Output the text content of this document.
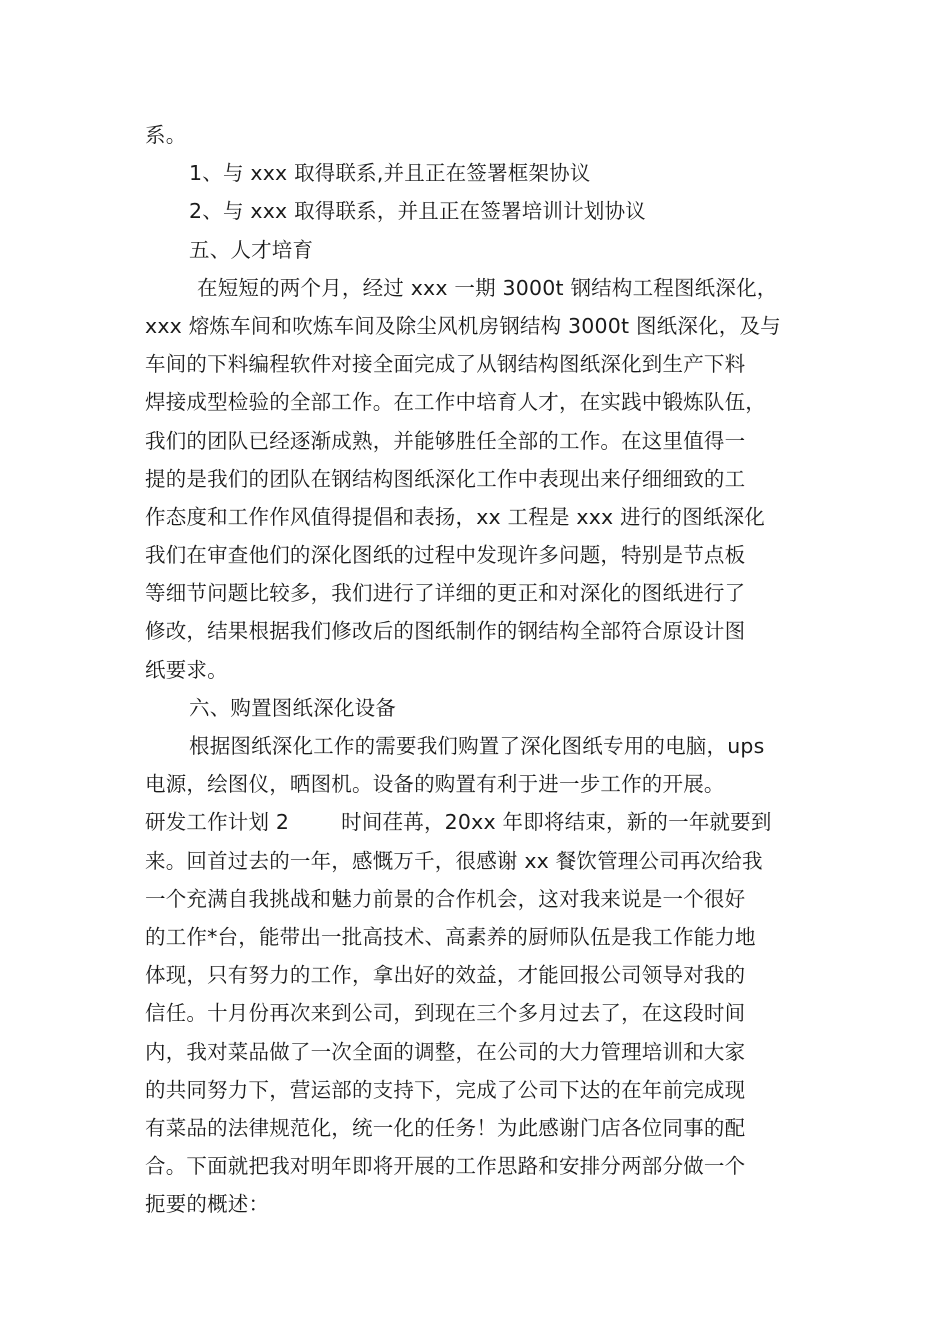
系。
1、与 xxx 取得联系,并且正在签署框架协议
2、与 xxx 取得联系，并且正在签署培训计划协议
五、人才培育
在短短的两个月，经过 xxx 一期 3000t 钢结构工程图纸深化，
xxx 熔炼车间和吹炼车间及除尘风机房钢结构 3000t 图纸深化，及与
车间的下料编程软件对接全面完成了从钢结构图纸深化到生产下料
焊接成型检验的全部工作。在工作中培育人才，在实践中锻炼队伍，
我们的团队已经逐渐成熟，并能够胜任全部的工作。在这里值得一
提的是我们的团队在钢结构图纸深化工作中表现出来仔细细致的工
作态度和工作作风值得提倡和表扬，xx 工程是 xxx 进行的图纸深化
我们在审查他们的深化图纸的过程中发现许多问题，特别是节点板
等细节问题比较多，我们进行了详细的更正和对深化的图纸进行了
修改，结果根据我们修改后的图纸制作的钢结构全部符合原设计图
纸要求。
六、购置图纸深化设备
根据图纸深化工作的需要我们购置了深化图纸专用的电脑，ups
电源，绘图仪，晒图机。设备的购置有利于进一步工作的开展。
研发工作计划 2	时间荏苒，20xx 年即将结束，新的一年就要到
来。回首过去的一年，感慨万千，很感谢 xx 餐饮管理公司再次给我
一个充满自我挑战和魅力前景的合作机会，这对我来说是一个很好
的工作*台，能带出一批高技术、高素养的厨师队伍是我工作能力地
体现，只有努力的工作，拿出好的效益，才能回报公司领导对我的
信任。十月份再次来到公司，到现在三个多月过去了，在这段时间
内，我对菜品做了一次全面的调整，在公司的大力管理培训和大家
的共同努力下，营运部的支持下，完成了公司下达的在年前完成现
有菜品的法律规范化，统一化的任务！为此感谢门店各位同事的配
合。下面就把我对明年即将开展的工作思路和安排分两部分做一个
扼要的概述：
